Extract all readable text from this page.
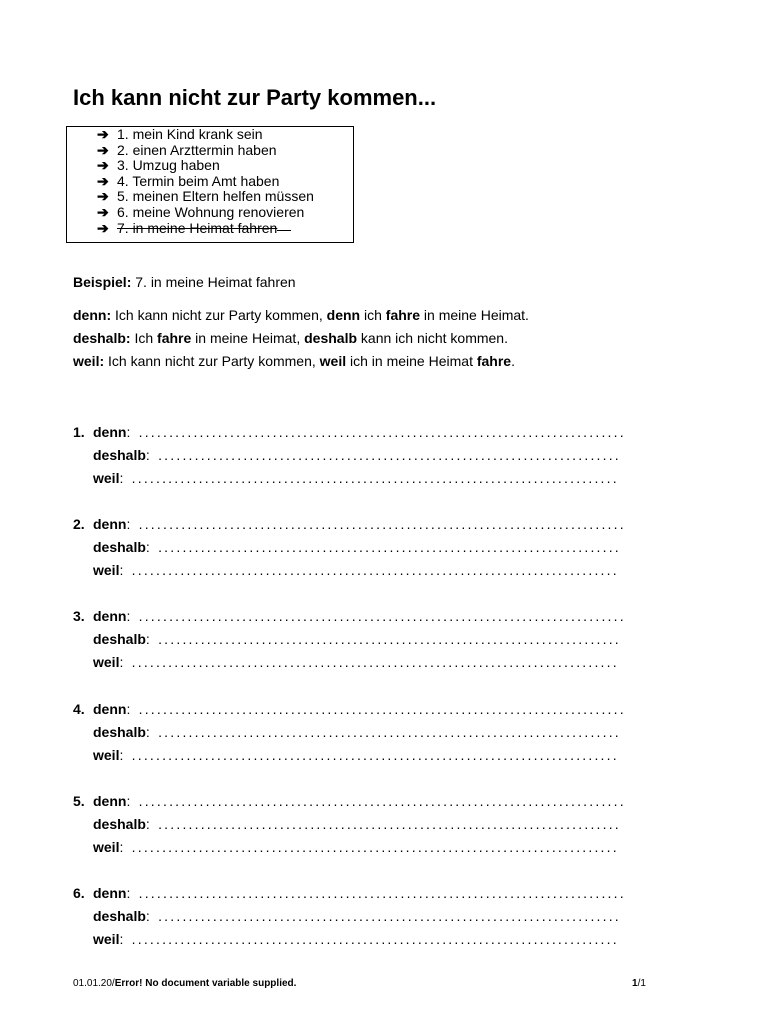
Ich kann nicht zur Party kommen...
➔ 1. mein Kind krank sein
➔ 2. einen Arzttermin haben
➔ 3. Umzug haben
➔ 4. Termin beim Amt haben
➔ 5. meinen Eltern helfen müssen
➔ 6. meine Wohnung renovieren
➔ 7. in meine Heimat fahren
Beispiel: 7. in meine Heimat fahren
denn: Ich kann nicht zur Party kommen, denn ich fahre in meine Heimat.
deshalb: Ich fahre in meine Heimat, deshalb kann ich nicht kommen.
weil: Ich kann nicht zur Party kommen, weil ich in meine Heimat fahre.
1. denn: ................................................................................
deshalb: ............................................................................
weil: ................................................................................
2. denn: ................................................................................
deshalb: ............................................................................
weil: ................................................................................
3. denn: ................................................................................
deshalb: ............................................................................
weil: ................................................................................
4. denn: ................................................................................
deshalb: ............................................................................
weil: ................................................................................
5. denn: ................................................................................
deshalb: ............................................................................
weil: ................................................................................
6. denn: ................................................................................
deshalb: ............................................................................
weil: ................................................................................
01.01.20/Error! No document variable supplied.	1/1
